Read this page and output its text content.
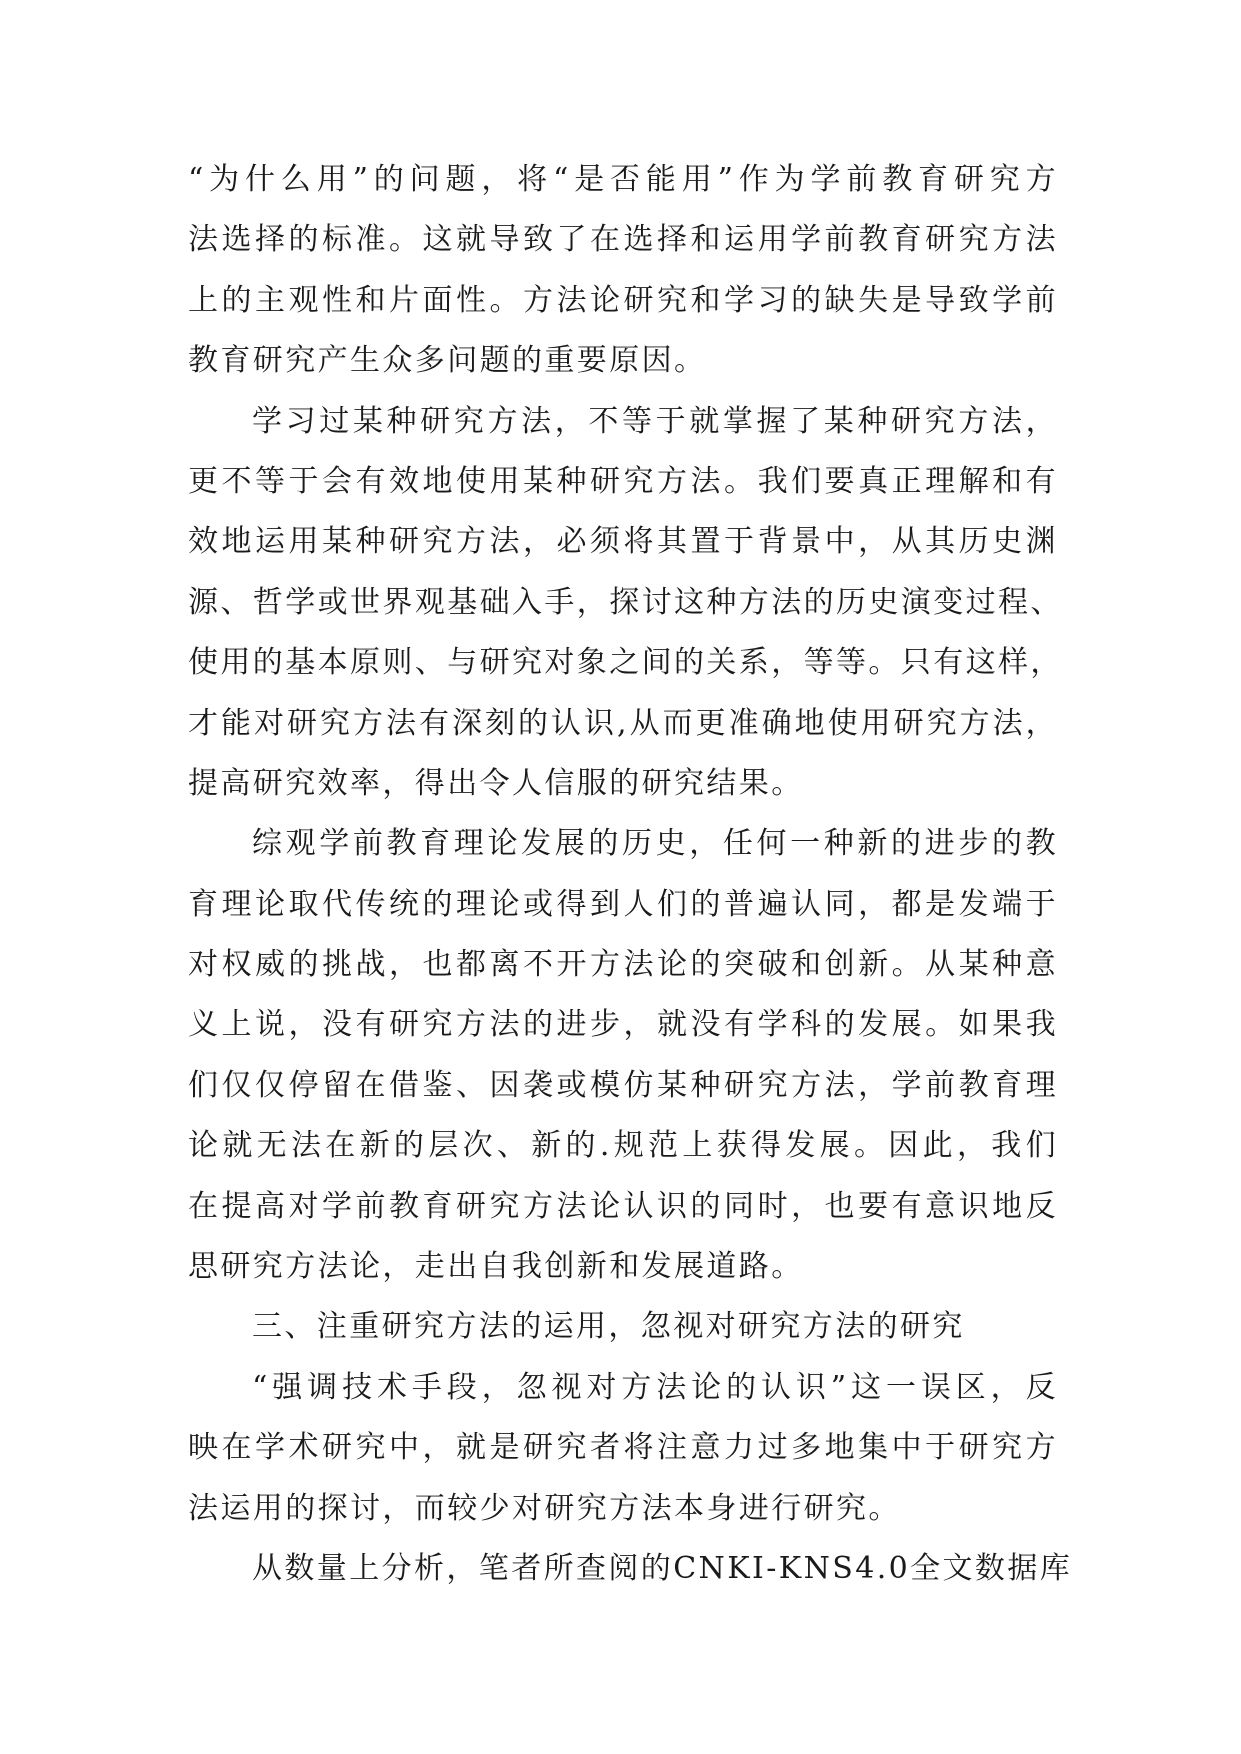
“为什么用”的问题，将“是否能用”作为学前教育研究方
法选择的标准。这就导致了在选择和运用学前教育研究方法
上的主观性和片面性。方法论研究和学习的缺失是导致学前
教育研究产生众多问题的重要原因。
学习过某种研究方法，不等于就掌握了某种研究方法，
更不等于会有效地使用某种研究方法。我们要真正理解和有
效地运用某种研究方法，必须将其置于背景中，从其历史渊
源、哲学或世界观基础入手，探讨这种方法的历史演变过程、
使用的基本原则、与研究对象之间的关系，等等。只有这样，
才能对研究方法有深刻的认识,从而更准确地使用研究方法，
提高研究效率，得出令人信服的研究结果。
综观学前教育理论发展的历史，任何一种新的进步的教
育理论取代传统的理论或得到人们的普遍认同，都是发端于
对权威的挑战，也都离不开方法论的突破和创新。从某种意
义上说，没有研究方法的进步，就没有学科的发展。如果我
们仅仅停留在借鉴、因袭或模仿某种研究方法，学前教育理
论就无法在新的层次、新的.规范上获得发展。因此，我们
在提高对学前教育研究方法论认识的同时，也要有意识地反
思研究方法论，走出自我创新和发展道路。
三、注重研究方法的运用，忽视对研究方法的研究
“强调技术手段，忽视对方法论的认识”这一误区，反
映在学术研究中，就是研究者将注意力过多地集中于研究方
法运用的探讨，而较少对研究方法本身进行研究。
从数量上分析，笔者所查阅的CNKI-KNS4.0全文数据库
